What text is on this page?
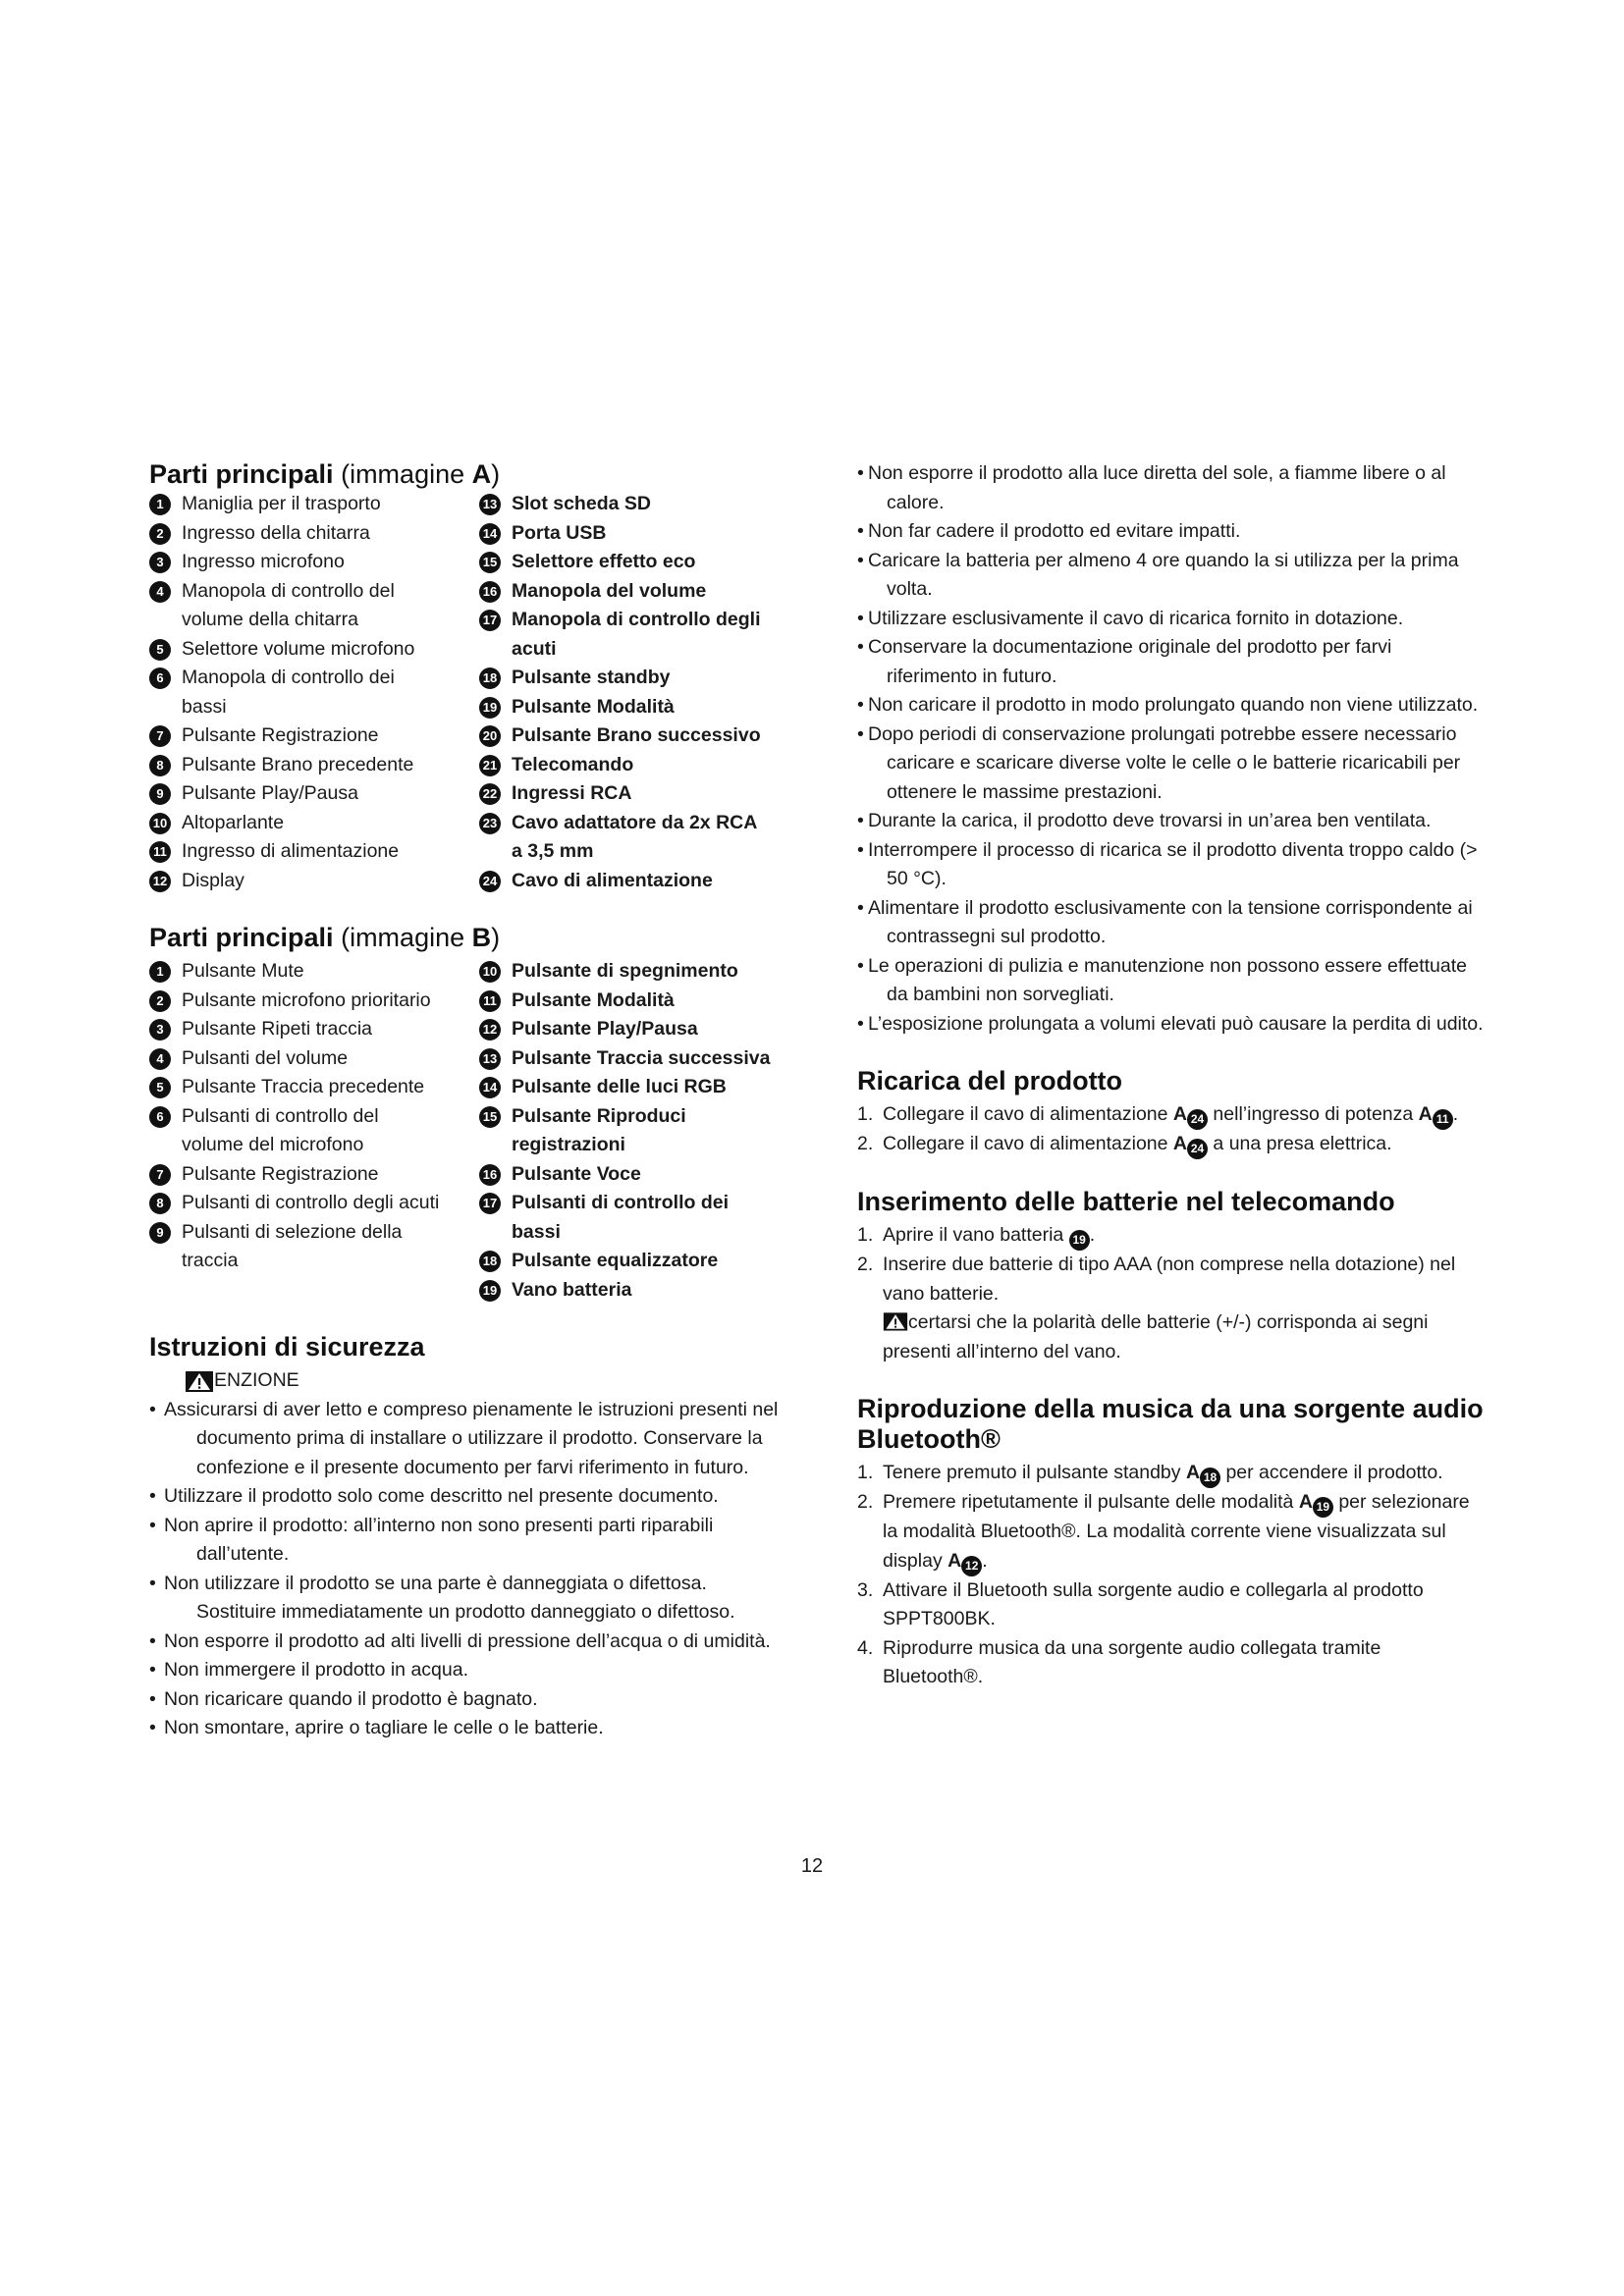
Parti principali (immagine A)
1 Maniglia per il trasporto
2 Ingresso della chitarra
3 Ingresso microfono
4 Manopola di controllo del volume della chitarra
5 Selettore volume microfono
6 Manopola di controllo dei bassi
7 Pulsante Registrazione
8 Pulsante Brano precedente
9 Pulsante Play/Pausa
10 Altoparlante
11 Ingresso di alimentazione
12 Display
13 Slot scheda SD
14 Porta USB
15 Selettore effetto eco
16 Manopola del volume
17 Manopola di controllo degli acuti
18 Pulsante standby
19 Pulsante Modalità
20 Pulsante Brano successivo
21 Telecomando
22 Ingressi RCA
23 Cavo adattatore da 2x RCA a 3,5 mm
24 Cavo di alimentazione
Parti principali (immagine B)
1 Pulsante Mute
2 Pulsante microfono prioritario
3 Pulsante Ripeti traccia
4 Pulsanti del volume
5 Pulsante Traccia precedente
6 Pulsanti di controllo del volume del microfono
7 Pulsante Registrazione
8 Pulsanti di controllo degli acuti
9 Pulsanti di selezione della traccia
10 Pulsante di spegnimento
11 Pulsante Modalità
12 Pulsante Play/Pausa
13 Pulsante Traccia successiva
14 Pulsante delle luci RGB
15 Pulsante Riproduci registrazioni
16 Pulsante Voce
17 Pulsanti di controllo dei bassi
18 Pulsante equalizzatore
19 Vano batteria
Istruzioni di sicurezza
ENZIONE
• Assicurarsi di aver letto e compreso pienamente le istruzioni presenti nel documento prima di installare o utilizzare il prodotto. Conservare la confezione e il presente documento per farvi riferimento in futuro.
• Utilizzare il prodotto solo come descritto nel presente documento.
• Non aprire il prodotto: all’interno non sono presenti parti riparabili dall’utente.
• Non utilizzare il prodotto se una parte è danneggiata o difettosa. Sostituire immediatamente un prodotto danneggiato o difettoso.
• Non esporre il prodotto ad alti livelli di pressione dell’acqua o di umidità.
• Non immergere il prodotto in acqua.
• Non ricaricare quando il prodotto è bagnato.
• Non smontare, aprire o tagliare le celle o le batterie.
• Non esporre il prodotto alla luce diretta del sole, a fiamme libere o al calore.
• Non far cadere il prodotto ed evitare impatti.
• Caricare la batteria per almeno 4 ore quando la si utilizza per la prima volta.
• Utilizzare esclusivamente il cavo di ricarica fornito in dotazione.
• Conservare la documentazione originale del prodotto per farvi riferimento in futuro.
• Non caricare il prodotto in modo prolungato quando non viene utilizzato.
• Dopo periodi di conservazione prolungati potrebbe essere necessario caricare e scaricare diverse volte le celle o le batterie ricaricabili per ottenere le massime prestazioni.
• Durante la carica, il prodotto deve trovarsi in un’area ben ventilata.
• Interrompere il processo di ricarica se il prodotto diventa troppo caldo (> 50 °C).
• Alimentare il prodotto esclusivamente con la tensione corrispondente ai contrassegni sul prodotto.
• Le operazioni di pulizia e manutenzione non possono essere effettuate da bambini non sorvegliati.
• L’esposizione prolungata a volumi elevati può causare la perdita di udito.
Ricarica del prodotto
1. Collegare il cavo di alimentazione A 24 nell’ingresso di potenza A 11 .
2. Collegare il cavo di alimentazione A 24 a una presa elettrica.
Inserimento delle batterie nel telecomando
1. Aprire il vano batteria 19 .
2. Inserire due batterie di tipo AAA (non comprese nella dotazione) nel vano batterie.
certarsi che la polarità delle batterie (+/-) corrisponda ai segni presenti all’interno del vano.
Riproduzione della musica da una sorgente audio Bluetooth®
1. Tenere premuto il pulsante standby A 18 per accendere il prodotto.
2. Premere ripetutamente il pulsante delle modalità A 19 per selezionare la modalità Bluetooth®. La modalità corrente viene visualizzata sul display A 12 .
3. Attivare il Bluetooth sulla sorgente audio e collegarla al prodotto SPPT800BK.
4. Riprodurre musica da una sorgente audio collegata tramite Bluetooth®.
12
